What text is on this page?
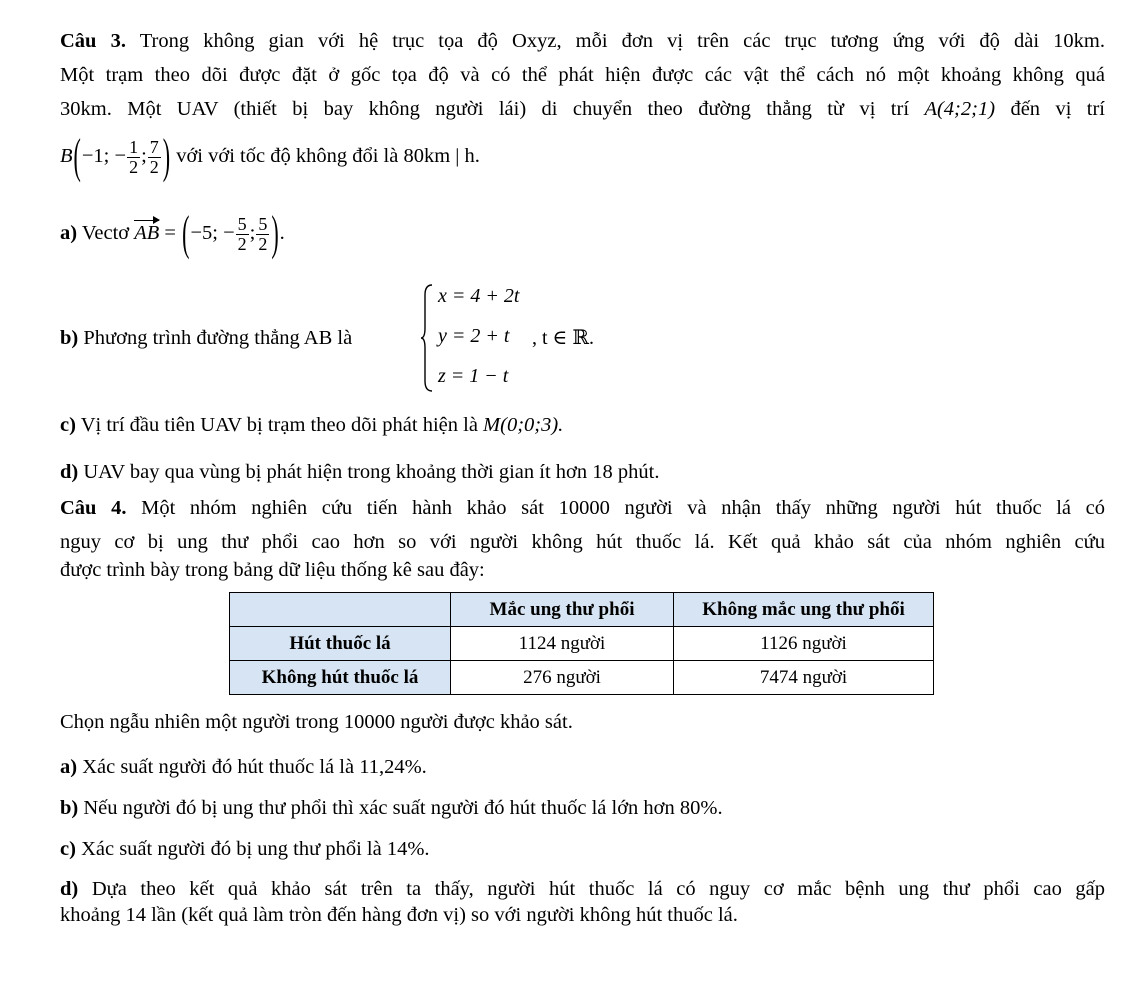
Câu 3. Trong không gian với hệ trục tọa độ Oxyz, mỗi đơn vị trên các trục tương ứng với độ dài 10km.
Một trạm theo dõi được đặt ở gốc tọa độ và có thể phát hiện được các vật thể cách nó một khoảng không quá
30km. Một UAV (thiết bị bay không người lái) di chuyển theo đường thẳng từ vị trí A(4;2;1) đến vị trí
B(−1; − $\frac{1}{2}$ ; $\frac{7}{2}$ ) với với tốc độ không đổi là 80km | h.
a) Vectơ AB = (−5; − $\frac{5}{2}$ ; $\frac{5}{2}$ ).
b) Phương trình đường thẳng AB là
x = 4 + 2t
y = 2 + t
z = 1 − t
, t ∈ ℝ.
c) Vị trí đầu tiên UAV bị trạm theo dõi phát hiện là M(0;0;3).
d) UAV bay qua vùng bị phát hiện trong khoảng thời gian ít hơn 18 phút.
Câu 4. Một nhóm nghiên cứu tiến hành khảo sát 10000 người và nhận thấy những người hút thuốc lá có
nguy cơ bị ung thư phổi cao hơn so với người không hút thuốc lá. Kết quả khảo sát của nhóm nghiên cứu
được trình bày trong bảng dữ liệu thống kê sau đây:
	Mắc ung thư phổi	Không mắc ung thư phổi
Hút thuốc lá	1124 người	1126 người
Không hút thuốc lá	276 người	7474 người
Chọn ngẫu nhiên một người trong 10000 người được khảo sát.
a) Xác suất người đó hút thuốc lá là 11,24%.
b) Nếu người đó bị ung thư phổi thì xác suất người đó hút thuốc lá lớn hơn 80%.
c) Xác suất người đó bị ung thư phổi là 14%.
d) Dựa theo kết quả khảo sát trên ta thấy, người hút thuốc lá có nguy cơ mắc bệnh ung thư phổi cao gấp
khoảng 14 lần (kết quả làm tròn đến hàng đơn vị) so với người không hút thuốc lá.
